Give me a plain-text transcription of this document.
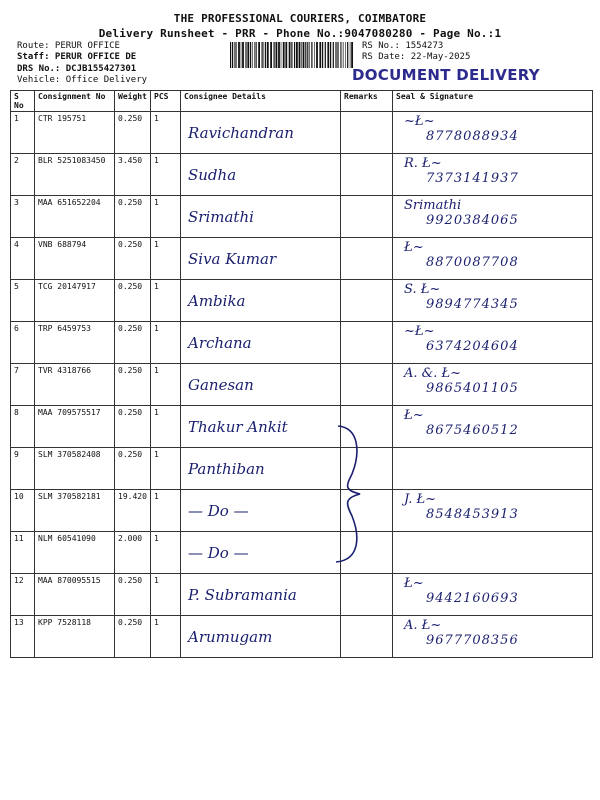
THE PROFESSIONAL COURIERS, COIMBATORE
Delivery Runsheet - PRR - Phone No.:9047080280 - Page No.:1
Route: PERUR OFFICE
Staff: PERUR OFFICE DE
DRS No.: DCJB155427301
Vehicle: Office Delivery
RS No.: 1554273
RS Date: 22-May-2025
DOCUMENT DELIVERY
S No	Consignment No	Weight	PCS	Consignee Details	Remarks	Seal & Signature
1	CTR 195751	0.250	1	Ravichandran		~Ł~
8778088934

2	BLR 5251083450	3.450	1	Sudha		R. Ł~
7373141937

3	MAA 651652204	0.250	1	Srimathi		Srimathi
9920384065

4	VNB 688794	0.250	1	Siva Kumar		Ł~
8870087708

5	TCG 20147917	0.250	1	Ambika		S. Ł~
9894774345

6	TRP 6459753	0.250	1	Archana		~Ł~
6374204604

7	TVR 4318766	0.250	1	Ganesan		A. &. Ł~
9865401105

8	MAA 709575517	0.250	1	Thakur Ankit		Ł~
8675460512

9	SLM 370582408	0.250	1	Panthiban		

10	SLM 370582181	19.420	1	— Do —		J. Ł~
8548453913

11	NLM 60541090	2.000	1	— Do —		

12	MAA 870095515	0.250	1	P. Subramania		Ł~
9442160693

13	KPP 7528118	0.250	1	Arumugam		A. Ł~
9677708356
